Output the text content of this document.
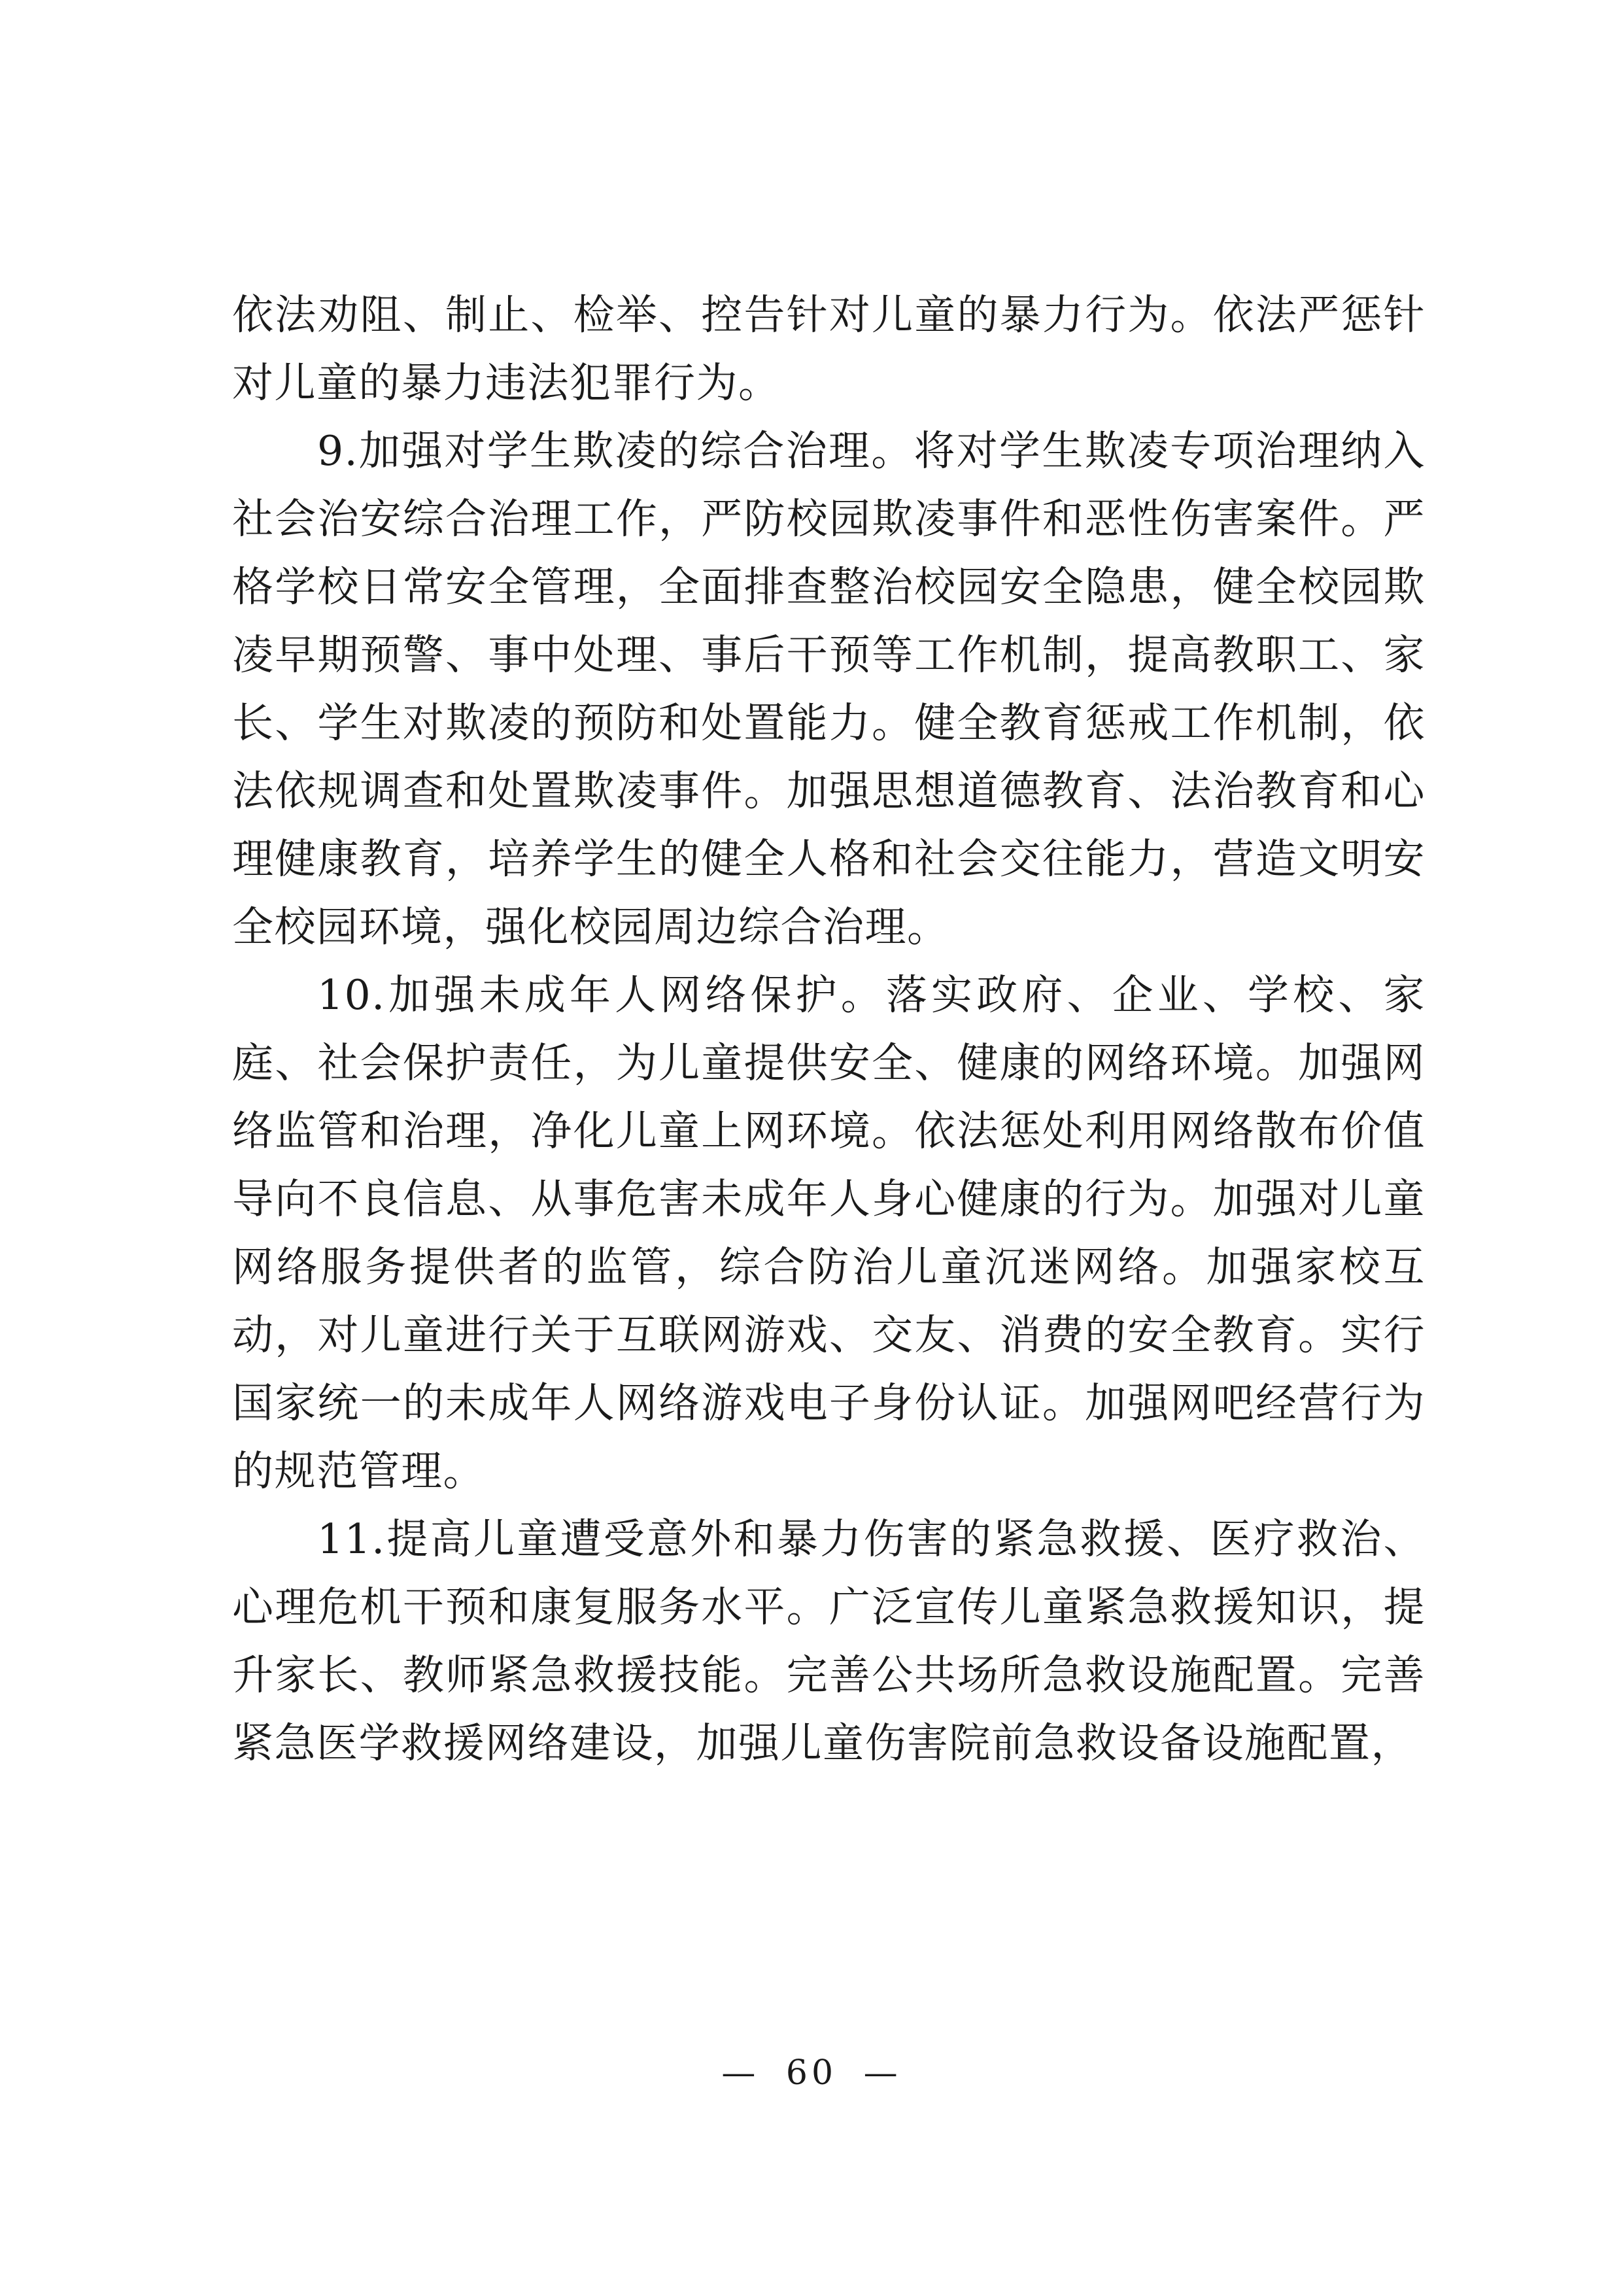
依法劝阻、制止、检举、控告针对儿童的暴力行为。依法严惩针对儿童的暴力违法犯罪行为。

9.加强对学生欺凌的综合治理。将对学生欺凌专项治理纳入社会治安综合治理工作，严防校园欺凌事件和恶性伤害案件。严格学校日常安全管理，全面排查整治校园安全隐患，健全校园欺凌早期预警、事中处理、事后干预等工作机制，提高教职工、家长、学生对欺凌的预防和处置能力。健全教育惩戒工作机制，依法依规调查和处置欺凌事件。加强思想道德教育、法治教育和心理健康教育，培养学生的健全人格和社会交往能力，营造文明安全校园环境，强化校园周边综合治理。

10.加强未成年人网络保护。落实政府、企业、学校、家庭、社会保护责任，为儿童提供安全、健康的网络环境。加强网络监管和治理，净化儿童上网环境。依法惩处利用网络散布价值导向不良信息、从事危害未成年人身心健康的行为。加强对儿童网络服务提供者的监管，综合防治儿童沉迷网络。加强家校互动，对儿童进行关于互联网游戏、交友、消费的安全教育。实行国家统一的未成年人网络游戏电子身份认证。加强网吧经营行为的规范管理。

11.提高儿童遭受意外和暴力伤害的紧急救援、医疗救治、心理危机干预和康复服务水平。广泛宣传儿童紧急救援知识，提升家长、教师紧急救援技能。完善公共场所急救设施配置。完善紧急医学救援网络建设，加强儿童伤害院前急救设备设施配置，

— 60 —
